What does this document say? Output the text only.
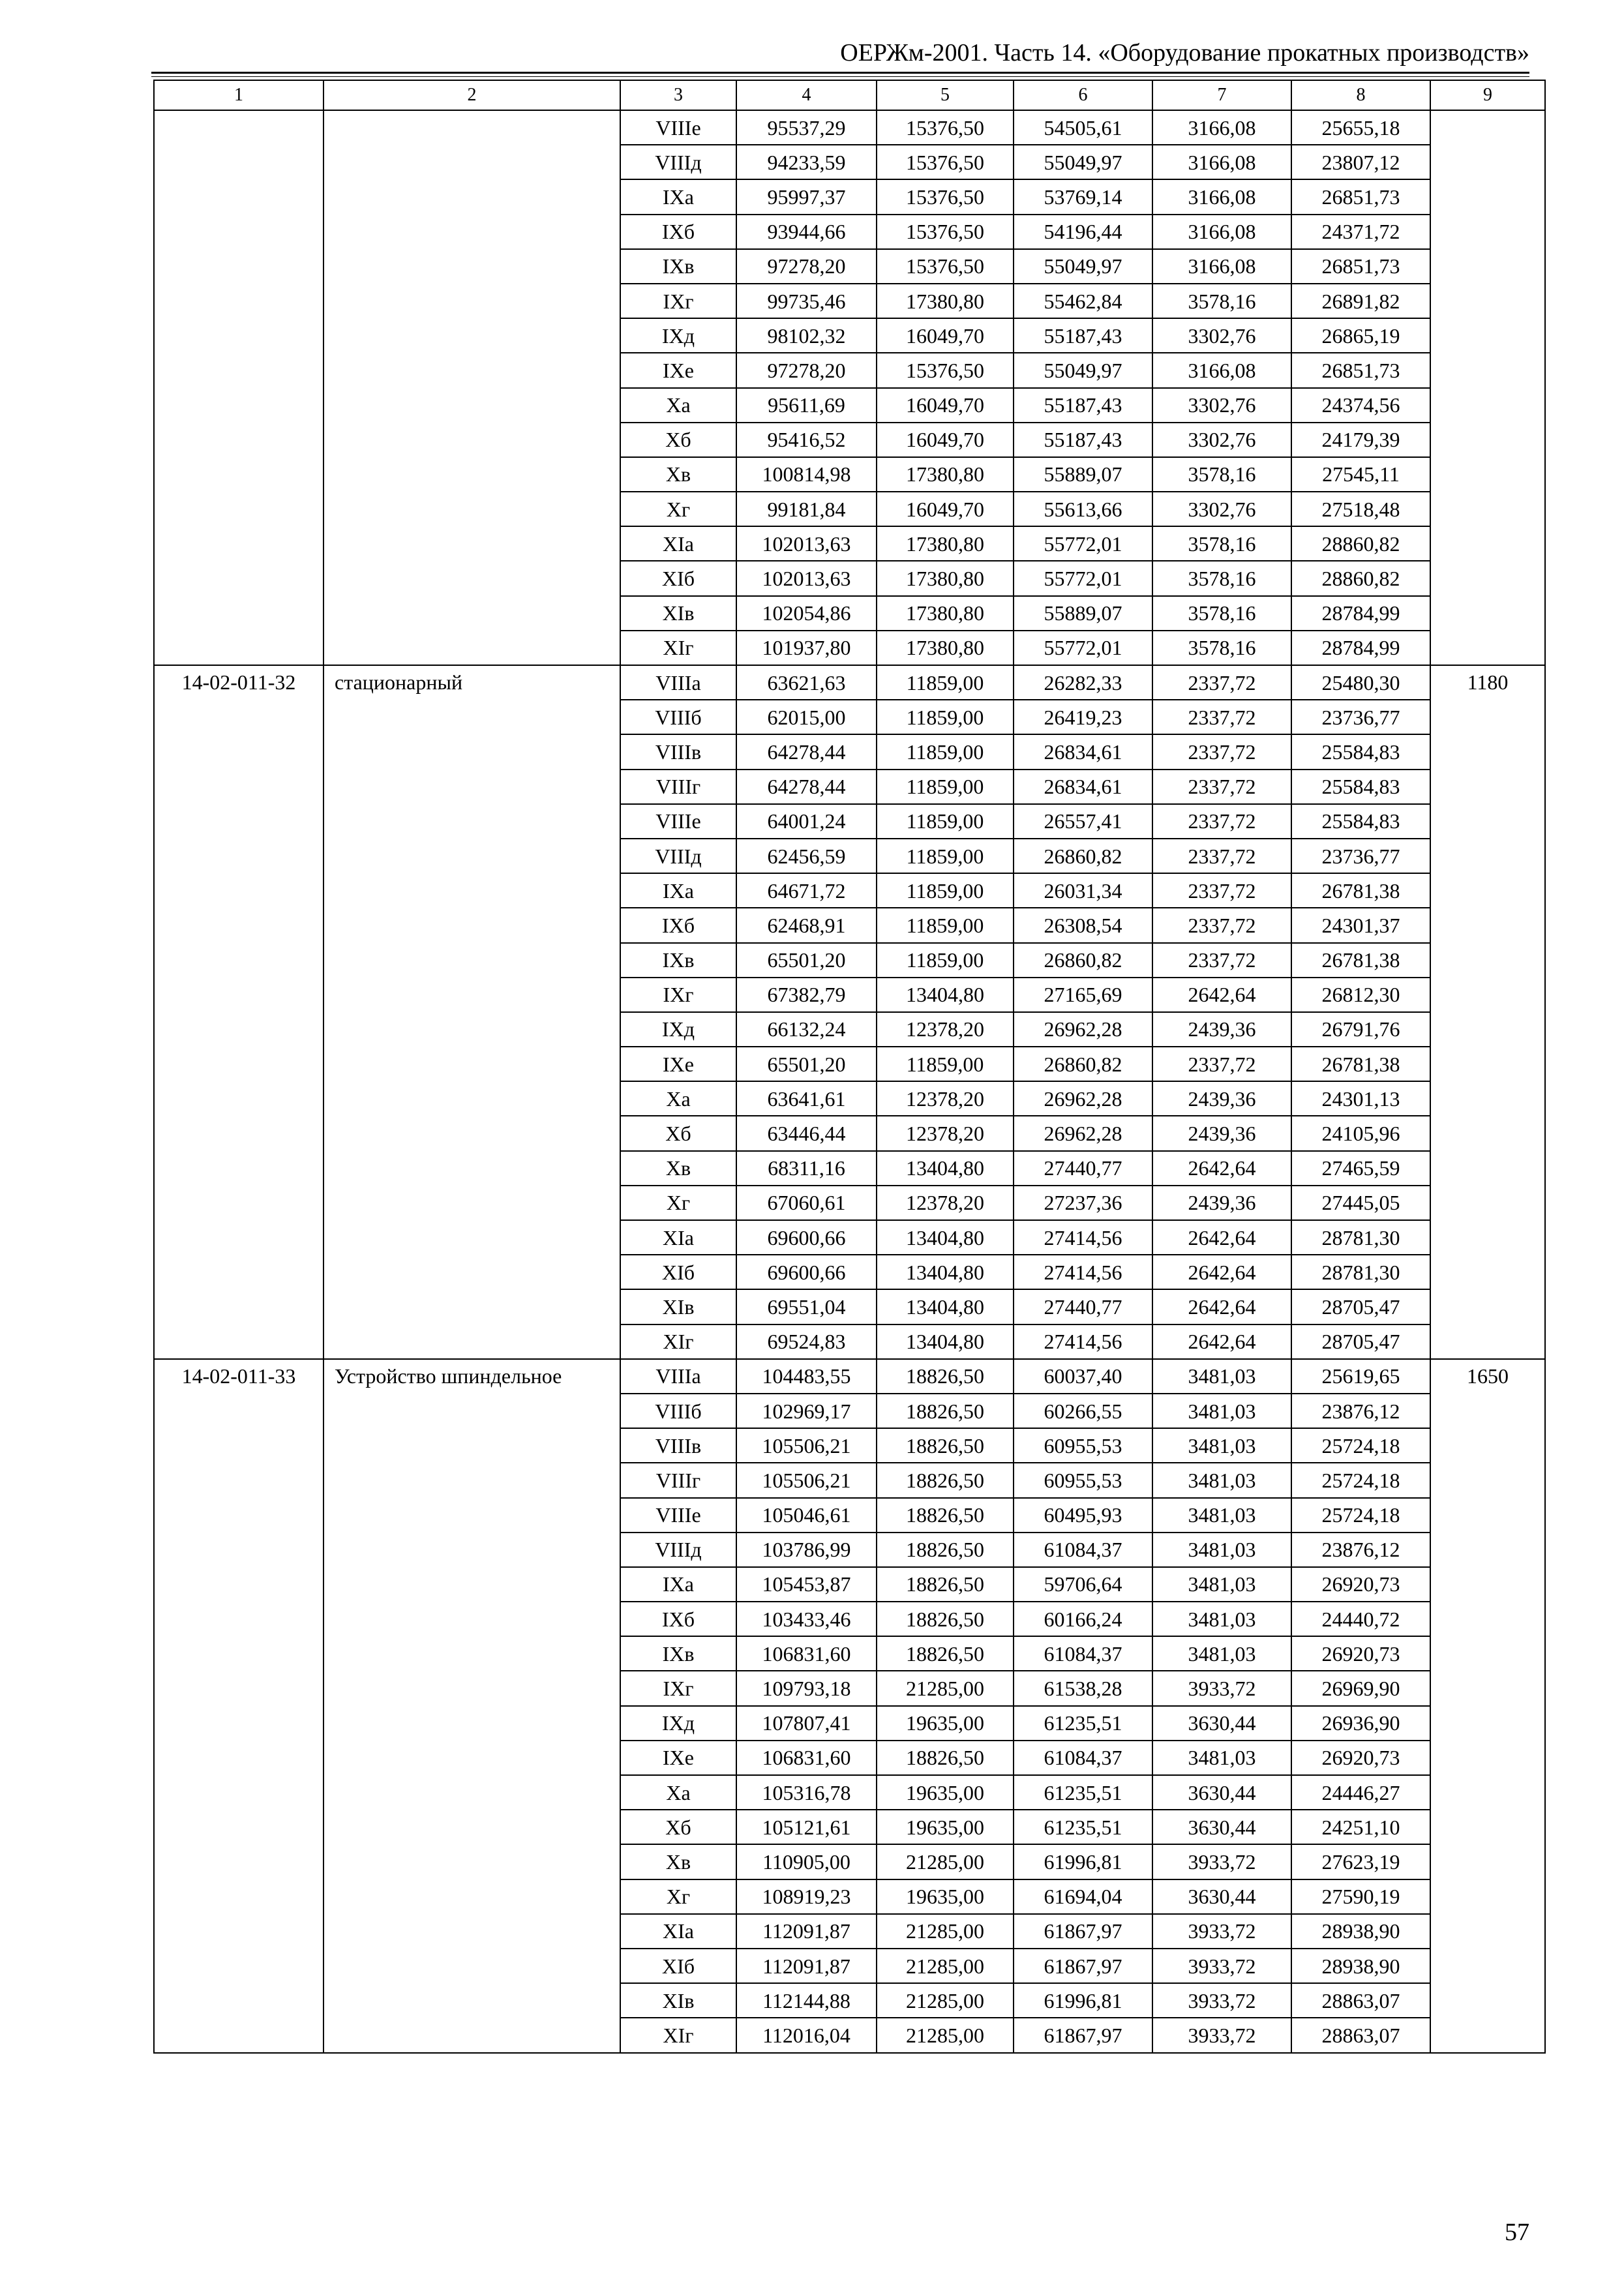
ОЕРЖм-2001. Часть 14. «Оборудование прокатных производств»
1	2	3	4	5	6	7	8	9
		VIIIе	95537,29	15376,50	54505,61	3166,08	25655,18	
		VIIIд	94233,59	15376,50	55049,97	3166,08	23807,12	
		IXа	95997,37	15376,50	53769,14	3166,08	26851,73	
		IXб	93944,66	15376,50	54196,44	3166,08	24371,72	
		IXв	97278,20	15376,50	55049,97	3166,08	26851,73	
		IXг	99735,46	17380,80	55462,84	3578,16	26891,82	
		IXд	98102,32	16049,70	55187,43	3302,76	26865,19	
		IXе	97278,20	15376,50	55049,97	3166,08	26851,73	
		Xа	95611,69	16049,70	55187,43	3302,76	24374,56	
		Xб	95416,52	16049,70	55187,43	3302,76	24179,39	
		Xв	100814,98	17380,80	55889,07	3578,16	27545,11	
		Xг	99181,84	16049,70	55613,66	3302,76	27518,48	
		XIа	102013,63	17380,80	55772,01	3578,16	28860,82	
		XIб	102013,63	17380,80	55772,01	3578,16	28860,82	
		XIв	102054,86	17380,80	55889,07	3578,16	28784,99	
		XIг	101937,80	17380,80	55772,01	3578,16	28784,99	
14-02-011-32	стационарный	VIIIа	63621,63	11859,00	26282,33	2337,72	25480,30	1180
		VIIIб	62015,00	11859,00	26419,23	2337,72	23736,77	
		VIIIв	64278,44	11859,00	26834,61	2337,72	25584,83	
		VIIIг	64278,44	11859,00	26834,61	2337,72	25584,83	
		VIIIе	64001,24	11859,00	26557,41	2337,72	25584,83	
		VIIIд	62456,59	11859,00	26860,82	2337,72	23736,77	
		IXа	64671,72	11859,00	26031,34	2337,72	26781,38	
		IXб	62468,91	11859,00	26308,54	2337,72	24301,37	
		IXв	65501,20	11859,00	26860,82	2337,72	26781,38	
		IXг	67382,79	13404,80	27165,69	2642,64	26812,30	
		IXд	66132,24	12378,20	26962,28	2439,36	26791,76	
		IXе	65501,20	11859,00	26860,82	2337,72	26781,38	
		Xа	63641,61	12378,20	26962,28	2439,36	24301,13	
		Xб	63446,44	12378,20	26962,28	2439,36	24105,96	
		Xв	68311,16	13404,80	27440,77	2642,64	27465,59	
		Xг	67060,61	12378,20	27237,36	2439,36	27445,05	
		XIа	69600,66	13404,80	27414,56	2642,64	28781,30	
		XIб	69600,66	13404,80	27414,56	2642,64	28781,30	
		XIв	69551,04	13404,80	27440,77	2642,64	28705,47	
		XIг	69524,83	13404,80	27414,56	2642,64	28705,47	
14-02-011-33	Устройство шпиндельное	VIIIа	104483,55	18826,50	60037,40	3481,03	25619,65	1650
		VIIIб	102969,17	18826,50	60266,55	3481,03	23876,12	
		VIIIв	105506,21	18826,50	60955,53	3481,03	25724,18	
		VIIIг	105506,21	18826,50	60955,53	3481,03	25724,18	
		VIIIе	105046,61	18826,50	60495,93	3481,03	25724,18	
		VIIIд	103786,99	18826,50	61084,37	3481,03	23876,12	
		IXа	105453,87	18826,50	59706,64	3481,03	26920,73	
		IXб	103433,46	18826,50	60166,24	3481,03	24440,72	
		IXв	106831,60	18826,50	61084,37	3481,03	26920,73	
		IXг	109793,18	21285,00	61538,28	3933,72	26969,90	
		IXд	107807,41	19635,00	61235,51	3630,44	26936,90	
		IXе	106831,60	18826,50	61084,37	3481,03	26920,73	
		Xа	105316,78	19635,00	61235,51	3630,44	24446,27	
		Xб	105121,61	19635,00	61235,51	3630,44	24251,10	
		Xв	110905,00	21285,00	61996,81	3933,72	27623,19	
		Xг	108919,23	19635,00	61694,04	3630,44	27590,19	
		XIа	112091,87	21285,00	61867,97	3933,72	28938,90	
		XIб	112091,87	21285,00	61867,97	3933,72	28938,90	
		XIв	112144,88	21285,00	61996,81	3933,72	28863,07	
		XIг	112016,04	21285,00	61867,97	3933,72	28863,07	
57
